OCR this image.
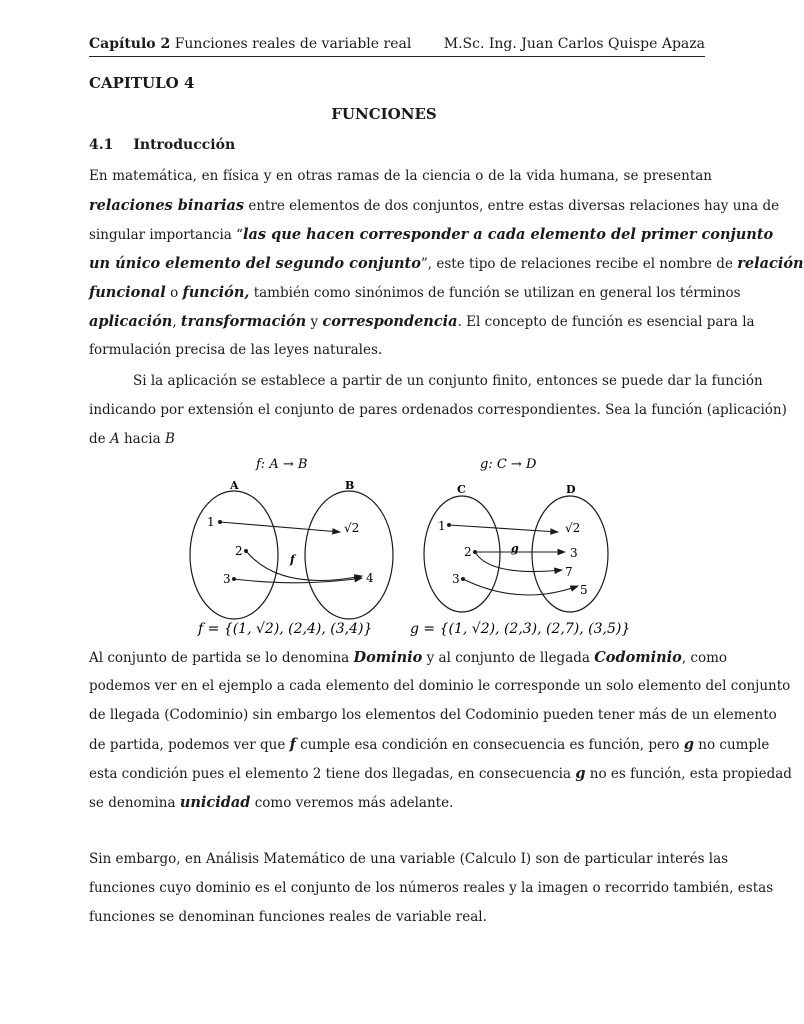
Capítulo 2 Funciones reales de variable real M.Sc. Ing. Juan Carlos Quispe Apaza
CAPITULO 4
FUNCIONES
4.1 Introducción
En matemática, en física y en otras ramas de la ciencia o de la vida humana, se presentan
relaciones binarias entre elementos de dos conjuntos, entre estas diversas relaciones hay una de
singular importancia “las que hacen corresponder a cada elemento del primer conjunto
un único elemento del segundo conjunto”, este tipo de relaciones recibe el nombre de relación
funcional o función, también como sinónimos de función se utilizan en general los términos
aplicación, transformación y correspondencia. El concepto de función es esencial para la
formulación precisa de las leyes naturales.
Si la aplicación se establece a partir de un conjunto finito, entonces se puede dar la función
indicando por extensión el conjunto de pares ordenados correspondientes. Sea la función (aplicación)
de A hacia B
f: A → B
A	B
1
2
3
√2
4
f
g: C → D
C	D
1
2
3
√2
3
7
5
g
f = {(1, √2), (2,4), (3,4)}	g = {(1, √2), (2,3), (2,7), (3,5)}
Al conjunto de partida se lo denomina Dominio y al conjunto de llegada Codominio, como
podemos ver en el ejemplo a cada elemento del dominio le corresponde un solo elemento del conjunto
de llegada (Codominio) sin embargo los elementos del Codominio pueden tener más de un elemento
de partida, podemos ver que f cumple esa condición en consecuencia es función, pero g no cumple
esta condición pues el elemento 2 tiene dos llegadas, en consecuencia g no es función, esta propiedad
se denomina unicidad como veremos más adelante.
Sin embargo, en Análisis Matemático de una variable (Calculo I) son de particular interés las
funciones cuyo dominio es el conjunto de los números reales y la imagen o recorrido también, estas
funciones se denominan funciones reales de variable real.
